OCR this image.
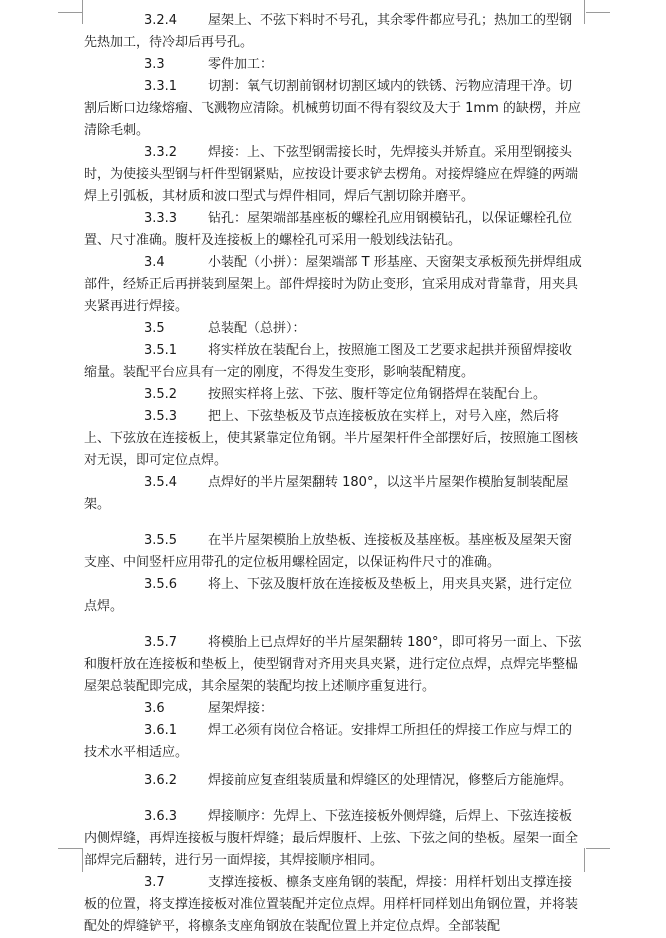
3.2.4 屋架上、不弦下料时不号孔，其余零件都应号孔；热加工的型钢先热加工，待冷却后再号孔。

3.3	零件加工：

3.3.1 切割：氧气切割前钢材切割区域内的铁锈、污物应清理干净。切割后断口边缘熔瘤、飞溅物应清除。机械剪切面不得有裂纹及大于 1mm 的缺楞，并应清除毛刺。

3.3.2 焊接：上、下弦型钢需接长时，先焊接头并矫直。采用型钢接头时，为使接头型钢与杆件型钢紧贴，应按设计要求铲去楞角。对接焊缝应在焊缝的两端焊上引弧板，其材质和波口型式与焊件相同，焊后气割切除并磨平。

3.3.3 钻孔：屋架端部基座板的螺栓孔应用钢模钻孔，以保证螺栓孔位置、尺寸准确。腹杆及连接板上的螺栓孔可采用一般划线法钻孔。

3.4	小装配（小拼）：屋架端部 T 形基座、天窗架支承板预先拼焊组成部件，经矫正后再拼装到屋架上。部件焊接时为防止变形，宜采用成对背靠背，用夹具夹紧再进行焊接。

3.5	总装配（总拼）：

3.5.1 将实样放在装配台上，按照施工图及工艺要求起拱并预留焊接收缩量。装配平台应具有一定的刚度，不得发生变形，影响装配精度。

3.5.2 按照实样将上弦、下弦、腹杆等定位角钢搭焊在装配台上。

3.5.3 把上、下弦垫板及节点连接板放在实样上，对号入座，然后将上、下弦放在连接板上，使其紧靠定位角钢。半片屋架杆件全部摆好后，按照施工图核对无误，即可定位点焊。

3.5.4 点焊好的半片屋架翻转 180°，以这半片屋架作模胎复制装配屋架。

3.5.5 在半片屋架模胎上放垫板、连接板及基座板。基座板及屋架天窗支座、中间竖杆应用带孔的定位板用螺栓固定，以保证构件尺寸的准确。

3.5.6 将上、下弦及腹杆放在连接板及垫板上，用夹具夹紧，进行定位点焊。

3.5.7 将模胎上已点焊好的半片屋架翻转 180°，即可将另一面上、下弦和腹杆放在连接板和垫板上，使型钢背对齐用夹具夹紧，进行定位点焊，点焊完毕整榀屋架总装配即完成，其余屋架的装配均按上述顺序重复进行。

3.6	屋架焊接：

3.6.1 焊工必须有岗位合格证。安排焊工所担任的焊接工作应与焊工的技术水平相适应。

3.6.2 焊接前应复查组装质量和焊缝区的处理情况，修整后方能施焊。

3.6.3 焊接顺序：先焊上、下弦连接板外侧焊缝，后焊上、下弦连接板内侧焊缝，再焊连接板与腹杆焊缝；最后焊腹杆、上弦、下弦之间的垫板。屋架一面全部焊完后翻转，进行另一面焊接，其焊接顺序相同。

3.7	支撑连接板、檩条支座角钢的装配，焊接：用样杆划出支撑连接板的位置，将支撑连接板对准位置装配并定位点焊。用样杆同样划出角钢位置，并将装配处的焊缝铲平，将檩条支座角钢放在装配位置上并定位点焊。全部装配
